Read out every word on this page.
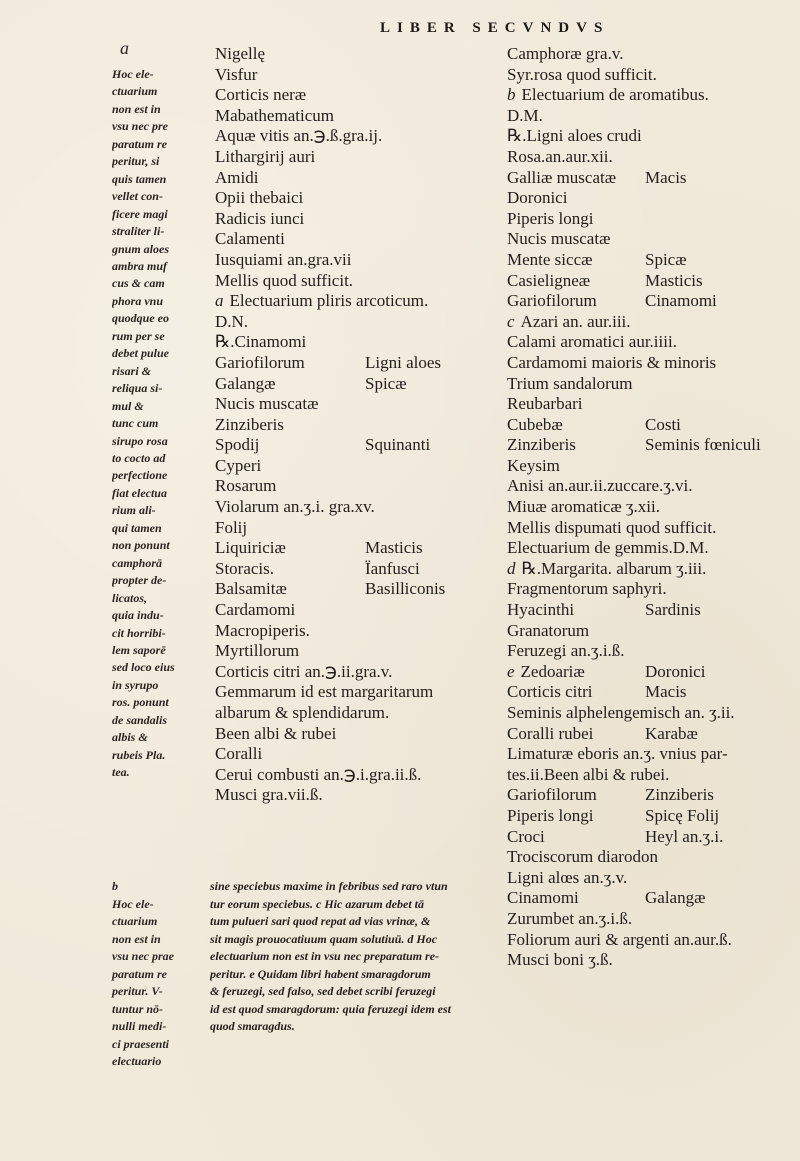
LIBER SECVNDVS
a
Hoc ele-
ctuarium
non est in
vsu nec pre
paratum re
peritur, si
quis tamen
vellet con-
ficere magi
straliter li-
gnum aloes
ambra muf
cus & cam
phora vnu
quodque eo
rum per se
debet pulue
risari &
reliqua si-
mul &
tunc cum
sirupo rosa
to cocto ad
perfectione
fiat electua
rium ali-
qui tamen
non ponunt
camphorā
propter de-
licatos,
quia indu-
cit horribi-
lem saporē
sed loco eius
in syrupo
ros. ponunt
de sandalis
albis &
rubeis Pla.
tea.
b
Hoc ele-
ctuarium
non est in
vsu nec prae
paratum re
peritur. V-
tuntur nō-
nulli medi-
ci praesenti
electuario
Nigellę
Visfur
Corticis neræ
Mabathematicum
Aquæ vitis an.℈.ß.gra.ij.
Lithargirij auri
Amidi
Opii thebaici
Radicis iunci
Calamenti
Iusquiami an.gra.vii
Mellis quod sufficit.
a Electuarium pliris arcoticum.
D.N.
℞.Cinamomi
Gariofilorum	Ligni aloes
Galangæ	Spicæ
Nucis muscatæ
Zinziberis
Spodij	Squinanti
Cyperi
Rosarum
Violarum an.ʒ.i. gra.xv.
Folij
Liquiriciæ	Masticis
Storacis.	Ïanfusci
Balsamitæ	Basilliconis
Cardamomi
Macropiperis.
Myrtillorum
Corticis citri an.℈.ii.gra.v.
Gemmarum id est margaritarum
albarum & splendidarum.
Been albi & rubei
Coralli
Cerui combusti an.℈.i.gra.ii.ß.
Musci gra.vii.ß.
Camphoræ gra.v.
Syr.rosa quod sufficit.
b Electuarium de aromatibus.
D.M.
℞.Ligni aloes crudi
Rosa.an.aur.xii.
Galliæ muscatæ Macis
Doronici
Piperis longi
Nucis muscatæ
Mente siccæ	Spicæ
Casieligneæ	Masticis
Gariofilorum	Cinamomi
c Azari an. aur.iii.
Calami aromatici aur.iiii.
Cardamomi maioris & minoris
Trium sandalorum
Reubarbari
Cubebæ	Costi
Zinziberis	Seminis fœniculi
Keysim
Anisi an.aur.ii.zuccare.ʒ.vi.
Miuæ aromaticæ ʒ.xii.
Mellis dispumati quod sufficit.
Electuarium de gemmis.D.M.
d ℞.Margarita. albarum ʒ.iii.
Fragmentorum saphyri.
Hyacinthi	Sardinis
Granatorum
Feruzegi an.ʒ.i.ß.
e Zedoariæ	Doronici
Corticis citri	Macis
Seminis alphelengemisch an. ʒ.ii.
Coralli rubei	Karabæ
Limaturæ eboris an.ʒ. vnius par-
tes.ii.Been albi & rubei.
Gariofilorum	Zinziberis
Piperis longi	Spicę Folij
Croci	Heyl an.ʒ.i.
Trociscorum diarodon
Ligni alœs an.ʒ.v.
Cinamomi	Galangæ
Zurumbet an.ʒ.i.ß.
Foliorum auri & argenti an.aur.ß.
Musci boni ʒ.ß.
sine speciebus maxime in febribus sed raro vtun
tur eorum speciebus. c Hic azarum debet tā
tum pulueri sari quod repat ad vias vrinæ, &
sit magis prouocatiuum quam solutiuū. d Hoc
electuarium non est in vsu nec preparatum re-
peritur. e Quidam libri habent smaragdorum
& feruzegi, sed falso, sed debet scribi feruzegi
id est quod smaragdorum: quia feruzegi idem est
quod smaragdus.
